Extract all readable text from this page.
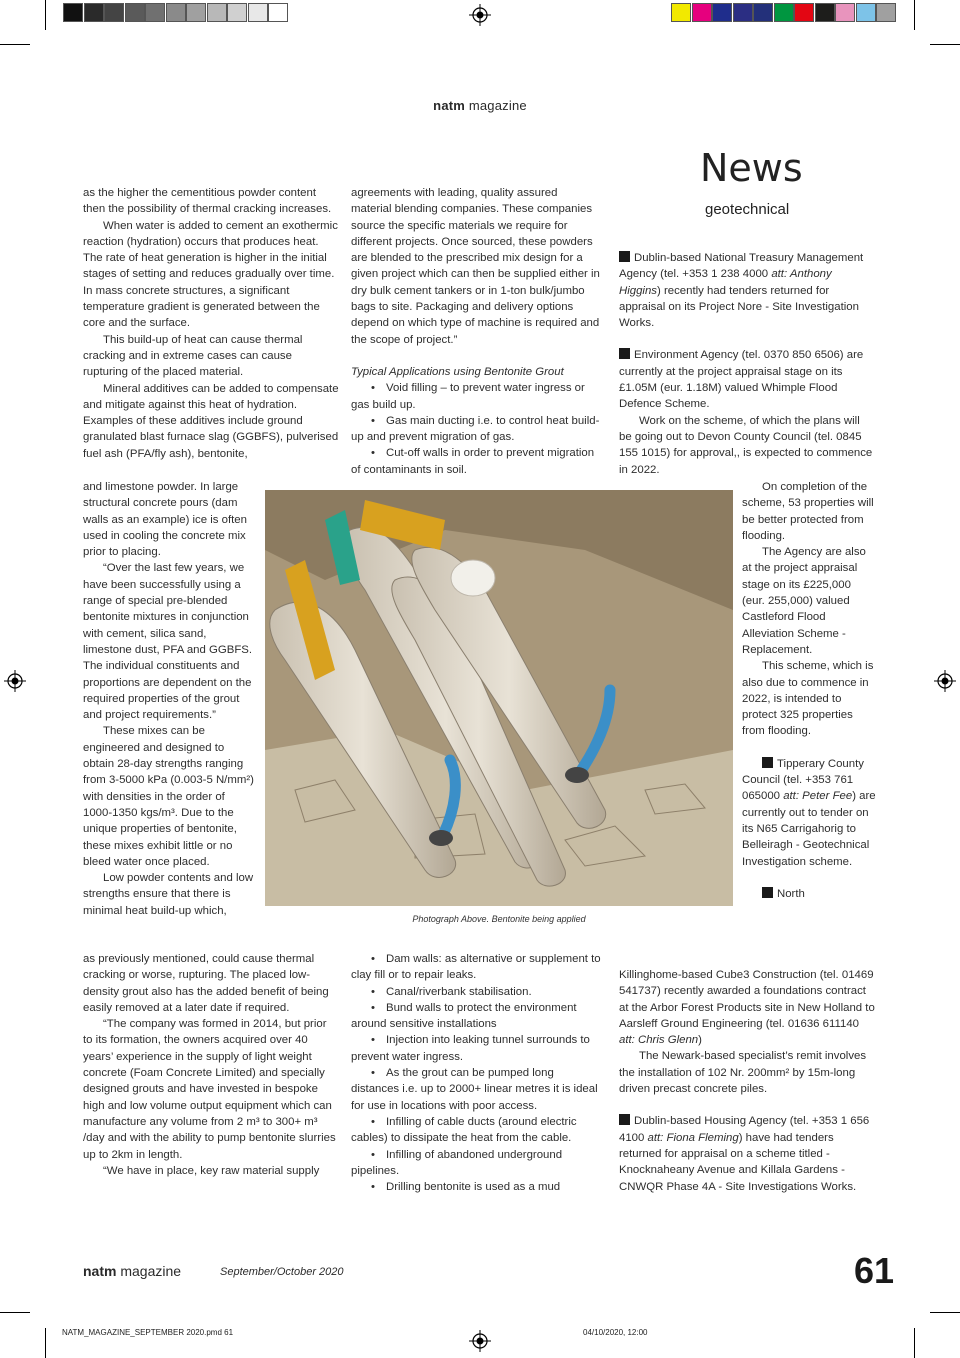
natm magazine
News
geotechnical

as the higher the cementitious powder content then the possibility of thermal cracking increases.

When water is added to cement an exothermic reaction (hydration) occurs that produces heat. The rate of heat generation is higher in the initial stages of setting and reduces gradually over time. In mass concrete structures, a significant temperature gradient is generated between the core and the surface.

This build-up of heat can cause thermal cracking and in extreme cases can cause rupturing of the placed material.

Mineral additives can be added to compensate and mitigate against this heat of hydration. Examples of these additives include ground granulated blast furnace slag (GGBFS), pulverised fuel ash (PFA/fly ash), bentonite,

and limestone powder. In large structural concrete pours (dam walls as an example) ice is often used in cooling the concrete mix prior to placing.

“Over the last few years, we have been successfully using a range of special pre-blended bentonite mixtures in conjunction with cement, silica sand, limestone dust, PFA and GGBFS. The individual constituents and proportions are dependent on the required properties of the grout and project requirements.”

These mixes can be engineered and designed to obtain 28-day strengths ranging from 3-5000 kPa (0.003-5 N/mm²) with densities in the order of 1000-1350 kgs/m³. Due to the unique properties of bentonite, these mixes exhibit little or no bleed water once placed.

Low powder contents and low strengths ensure that there is minimal heat build-up which,

as previously mentioned, could cause thermal cracking or worse, rupturing. The placed low-density grout also has the added benefit of being easily removed at a later date if required.

“The company was formed in 2014, but prior to its formation, the owners acquired over 40 years’ experience in the supply of light weight concrete (Foam Concrete Limited) and specially designed grouts and have invested in bespoke high and low volume output equipment which can manufacture any volume from 2 m³ to 300+ m³ /day and with the ability to pump bentonite slurries up to 2km in length.

“We have in place, key raw material supply

agreements with leading, quality assured material blending companies. These companies source the specific materials we require for different projects. Once sourced, these powders are blended to the prescribed mix design for a given project which can then be supplied either in dry bulk cement tankers or in 1-ton bulk/jumbo bags to site. Packaging and delivery options depend on which type of machine is required and the scope of project.”

Typical Applications using Bentonite Grout

• Void filling – to prevent water ingress or gas build up.

• Gas main ducting i.e. to control heat build-up and prevent migration of gas.

• Cut-off walls in order to prevent migration of contaminants in soil.

• Dam walls: as alternative or supplement to clay fill or to repair leaks.

• Canal/riverbank stabilisation.

• Bund walls to protect the environment around sensitive installations

• Injection into leaking tunnel surrounds to prevent water ingress.

• As the grout can be pumped long distances i.e. up to 2000+ linear metres it is ideal for use in locations with poor access.

• Infilling of cable ducts (around electric cables) to dissipate the heat from the cable.

• Infilling of abandoned underground pipelines.

• Drilling bentonite is used as a mud

Dublin-based National Treasury Management Agency (tel. +353 1 238 4000 att: Anthony Higgins) recently had tenders returned for appraisal on its Project Nore - Site Investigation Works.

Environment Agency (tel. 0370 850 6506) are currently at the project appraisal stage on its £1.05M (eur. 1.18M) valued Whimple Flood Defence Scheme.

Work on the scheme, of which the plans will be going out to Devon County Council (tel. 0845 155 1015) for approval,, is expected to commence in 2022.

On completion of the scheme, 53 properties will be better protected from flooding.

The Agency are also at the project appraisal stage on its £225,000 (eur. 255,000) valued Castleford Flood Alleviation Scheme - Replacement.

This scheme, which is also due to commence in 2022, is intended to protect 325 properties from flooding.

Tipperary County Council (tel. +353 761 065000 att: Peter Fee) are currently out to tender on its N65 Carrigahorig to Belleiragh - Geotechnical Investigation scheme.

North

Killinghome-based Cube3 Construction (tel. 01469 541737) recently awarded a foundations contract at the Arbor Forest Products site in New Holland to Aarsleff Ground Engineering (tel. 01636 611140 att: Chris Glenn)

The Newark-based specialist’s remit involves the installation of 102 Nr. 200mm² by 15m-long driven precast concrete piles.

Dublin-based Housing Agency (tel. +353 1 656 4100 att: Fiona Fleming) have had tenders returned for appraisal on a scheme titled - Knocknaheany Avenue and Killala Gardens - CNWQR Phase 4A - Site Investigations Works.

Photograph Above. Bentonite being applied
natm magazine	September/October 2020	61
NATM_MAGAZINE_SEPTEMBER 2020.pmd 61	04/10/2020, 12:00
